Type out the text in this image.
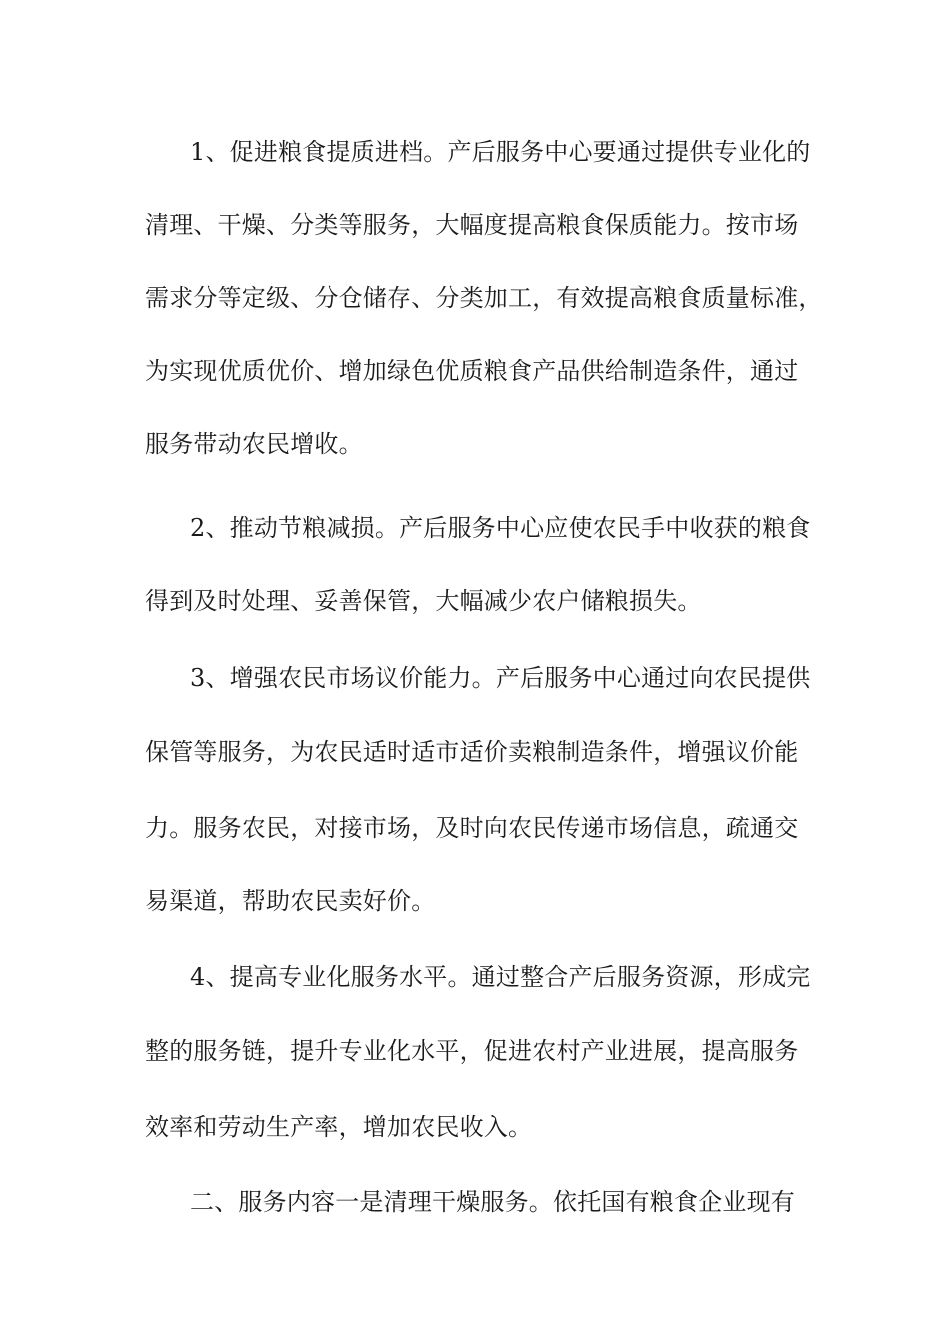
1、促进粮食提质进档。产后服务中心要通过提供专业化的
清理、干燥、分类等服务，大幅度提高粮食保质能力。按市场
需求分等定级、分仓储存、分类加工，有效提高粮食质量标准，
为实现优质优价、增加绿色优质粮食产品供给制造条件，通过
服务带动农民增收。
2、推动节粮减损。产后服务中心应使农民手中收获的粮食
得到及时处理、妥善保管，大幅减少农户储粮损失。
3、增强农民市场议价能力。产后服务中心通过向农民提供
保管等服务，为农民适时适市适价卖粮制造条件，增强议价能
力。服务农民，对接市场，及时向农民传递市场信息，疏通交
易渠道，帮助农民卖好价。
4、提高专业化服务水平。通过整合产后服务资源，形成完
整的服务链，提升专业化水平，促进农村产业进展，提高服务
效率和劳动生产率，增加农民收入。
二、服务内容一是清理干燥服务。依托国有粮食企业现有
